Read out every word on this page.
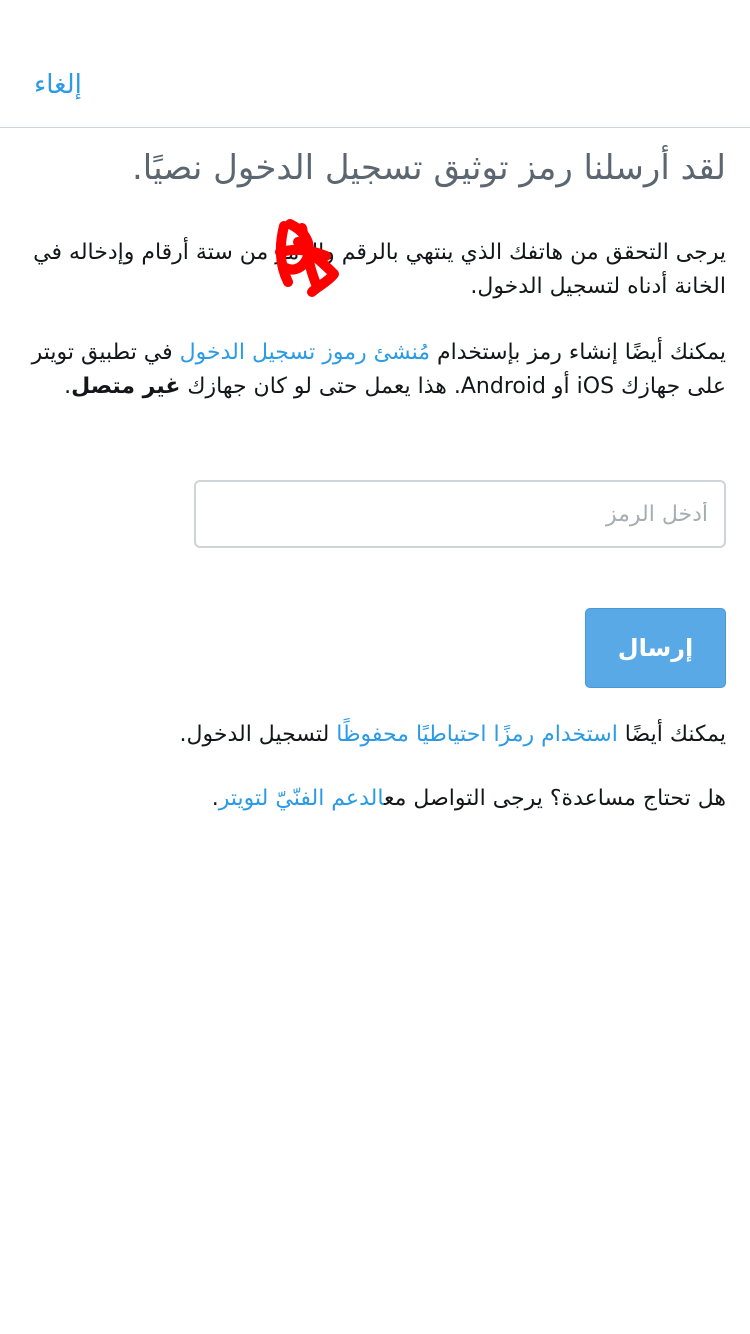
إلغاء
لقد أرسلنا رمز توثيق تسجيل الدخول نصيًا.

يرجى التحقق من هاتفك الذي ينتهي بالرقم والرمز من ستة أرقام وإدخاله في الخانة أدناه لتسجيل الدخول.

يمكنك أيضًا إنشاء رمز بإستخدام مُنشئ رموز تسجيل الدخول في تطبيق تويتر على جهازك iOS أو Android. هذا يعمل حتى لو كان جهازك غير متصل.

أدخل الرمز
إرسال
يمكنك أيضًا استخدام رمزًا احتياطيًا محفوظًا لتسجيل الدخول.
هل تحتاج مساعدة؟ يرجى التواصل معالدعم الفنّيّ لتويتر.
